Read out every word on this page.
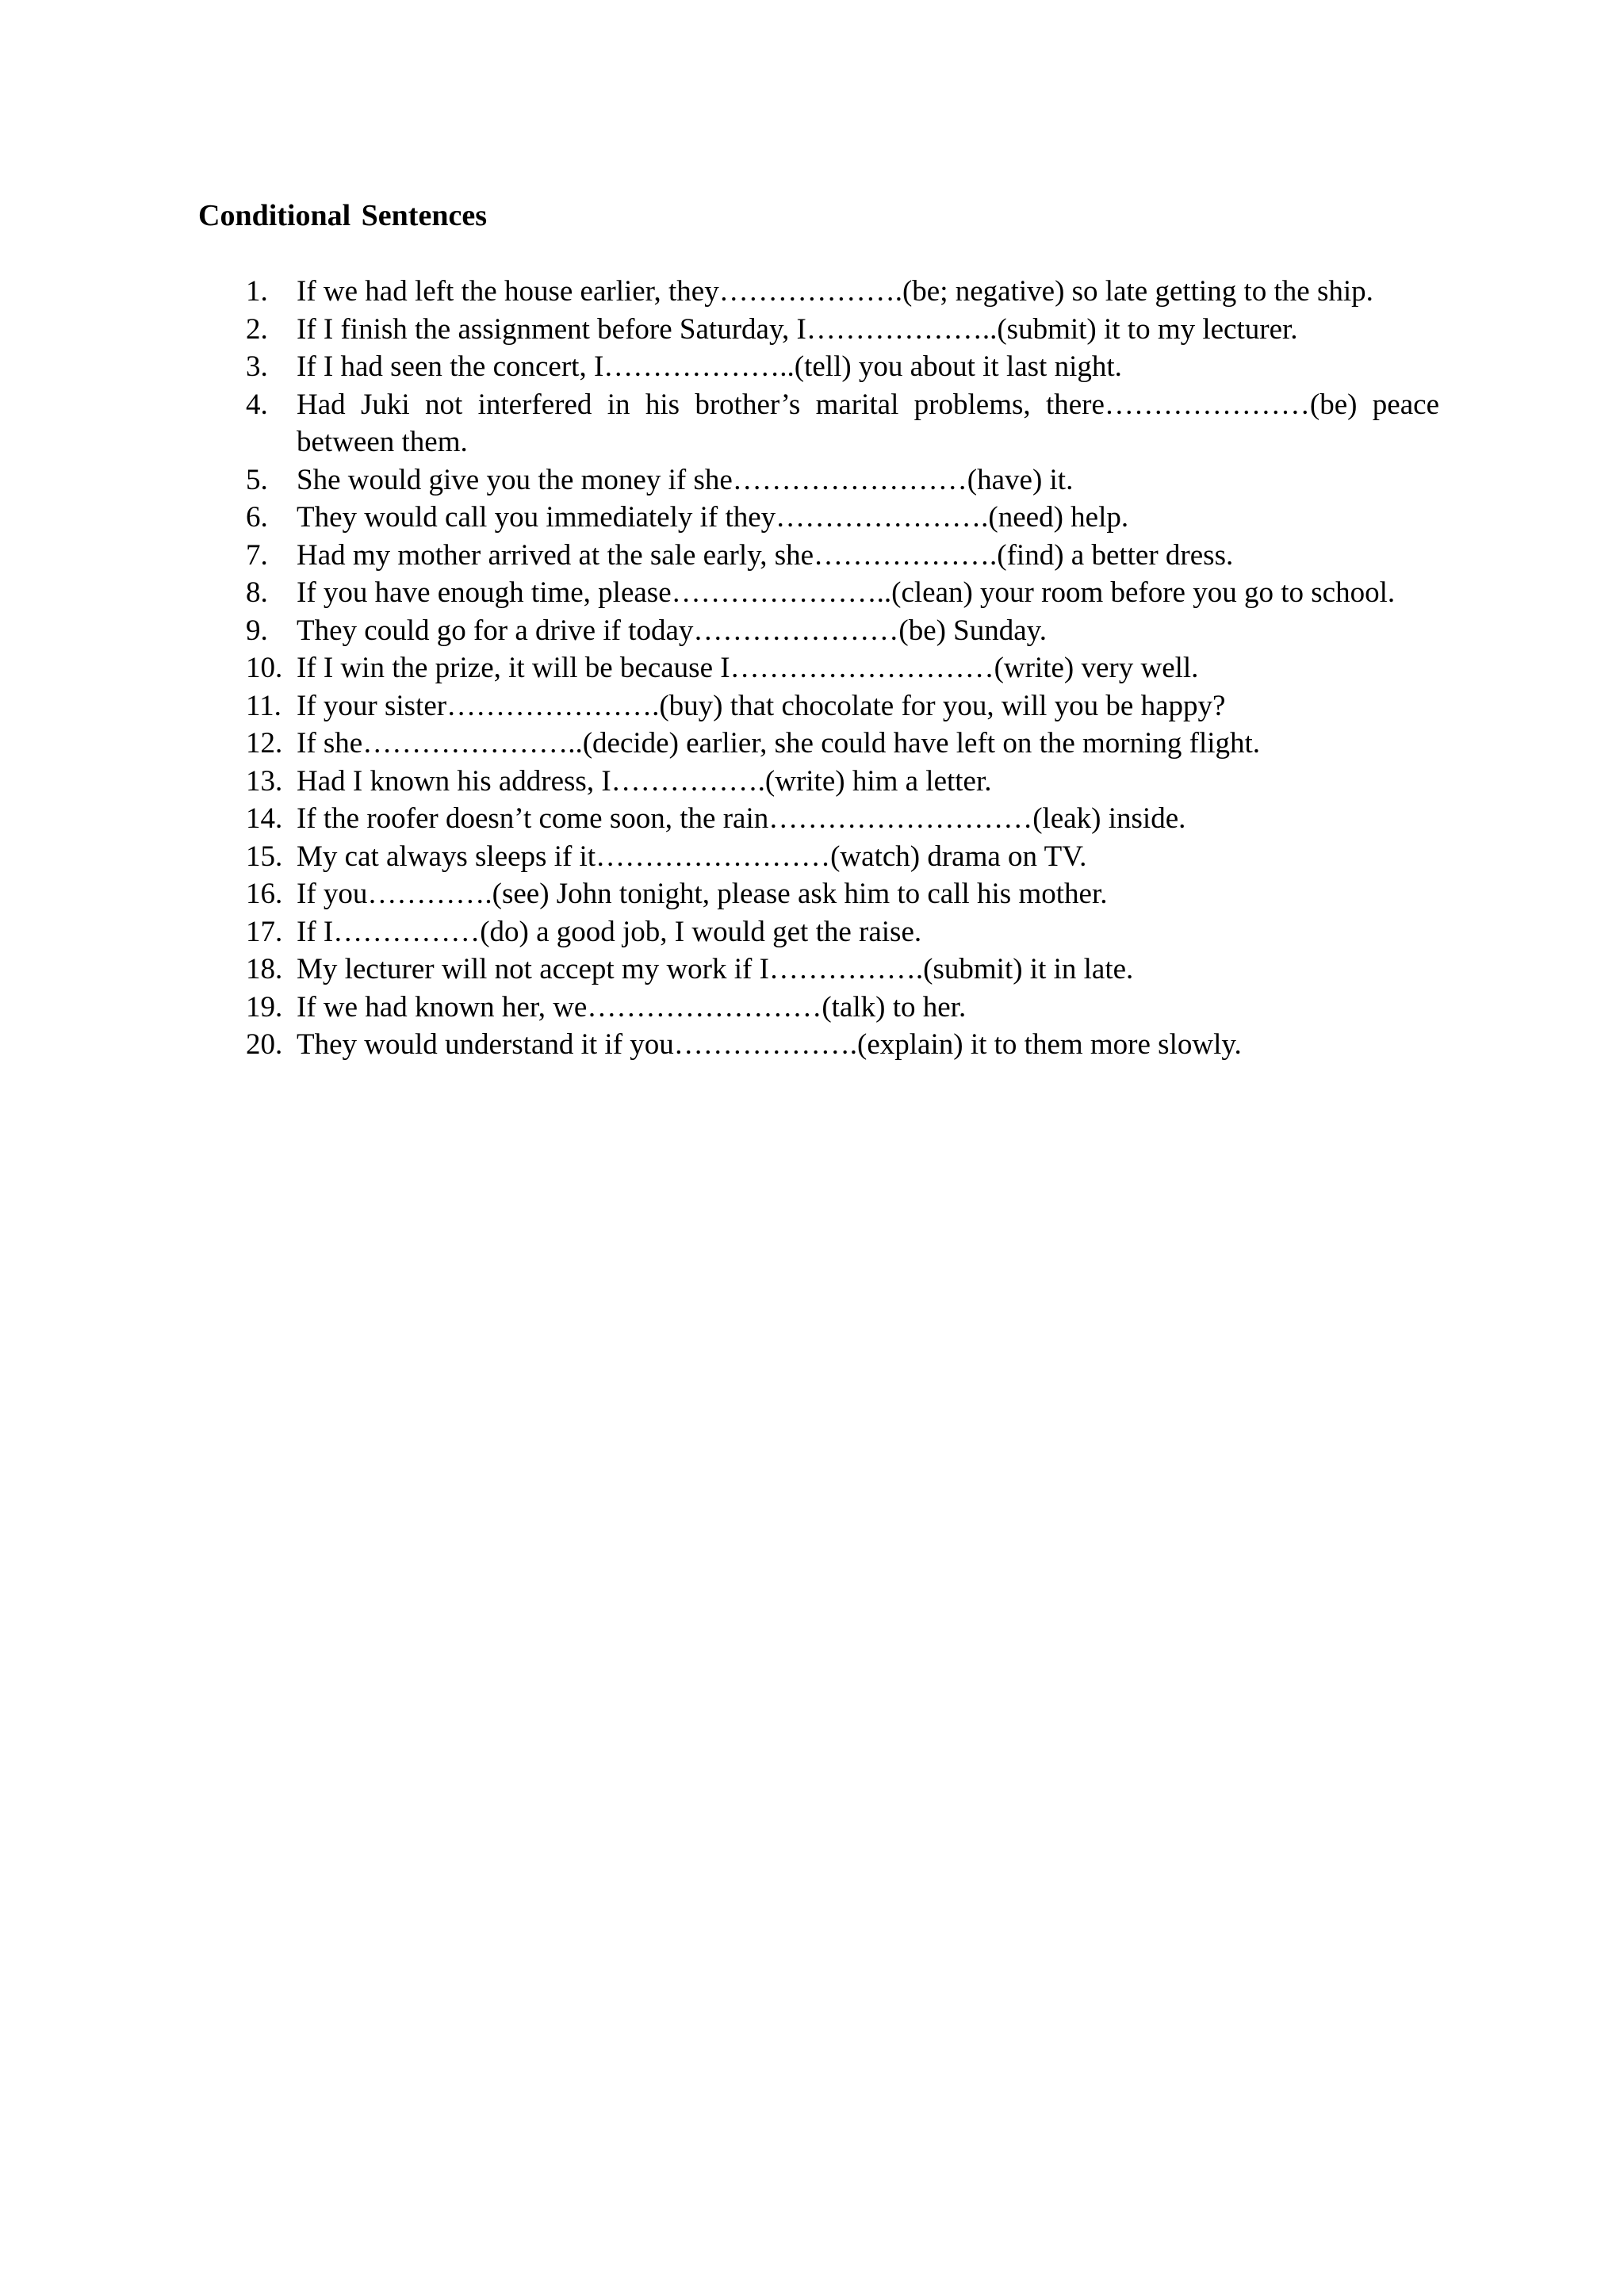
Conditional Sentences
1. If we had left the house earlier, they……………….(be; negative) so late getting to the ship.
2. If I finish the assignment before Saturday, I………………..(submit) it to my lecturer.
3. If I had seen the concert, I………………..(tell) you about it last night.
4. Had Juki not interfered in his brother’s marital problems, there…………………(be) peace between them.
5. She would give you the money if she……………………(have) it.
6. They would call you immediately if they………………….(need) help.
7. Had my mother arrived at the sale early, she……………….(find) a better dress.
8. If you have enough time, please…………………..(clean) your room before you go to school.
9. They could go for a drive if today…………………(be) Sunday.
10. If I win the prize, it will be because I………………………(write) very well.
11. If your sister………………….(buy) that chocolate for you, will you be happy?
12. If she…………………..(decide) earlier, she could have left on the morning flight.
13. Had I known his address, I…………….(write) him a letter.
14. If the roofer doesn’t come soon, the rain………………………(leak) inside.
15. My cat always sleeps if it……………………(watch) drama on TV.
16. If you………….(see) John tonight, please ask him to call his mother.
17. If I……………(do) a good job, I would get the raise.
18. My lecturer will not accept my work if I…………….(submit) it in late.
19. If we had known her, we……………………(talk) to her.
20. They would understand it if you……………….(explain) it to them more slowly.
